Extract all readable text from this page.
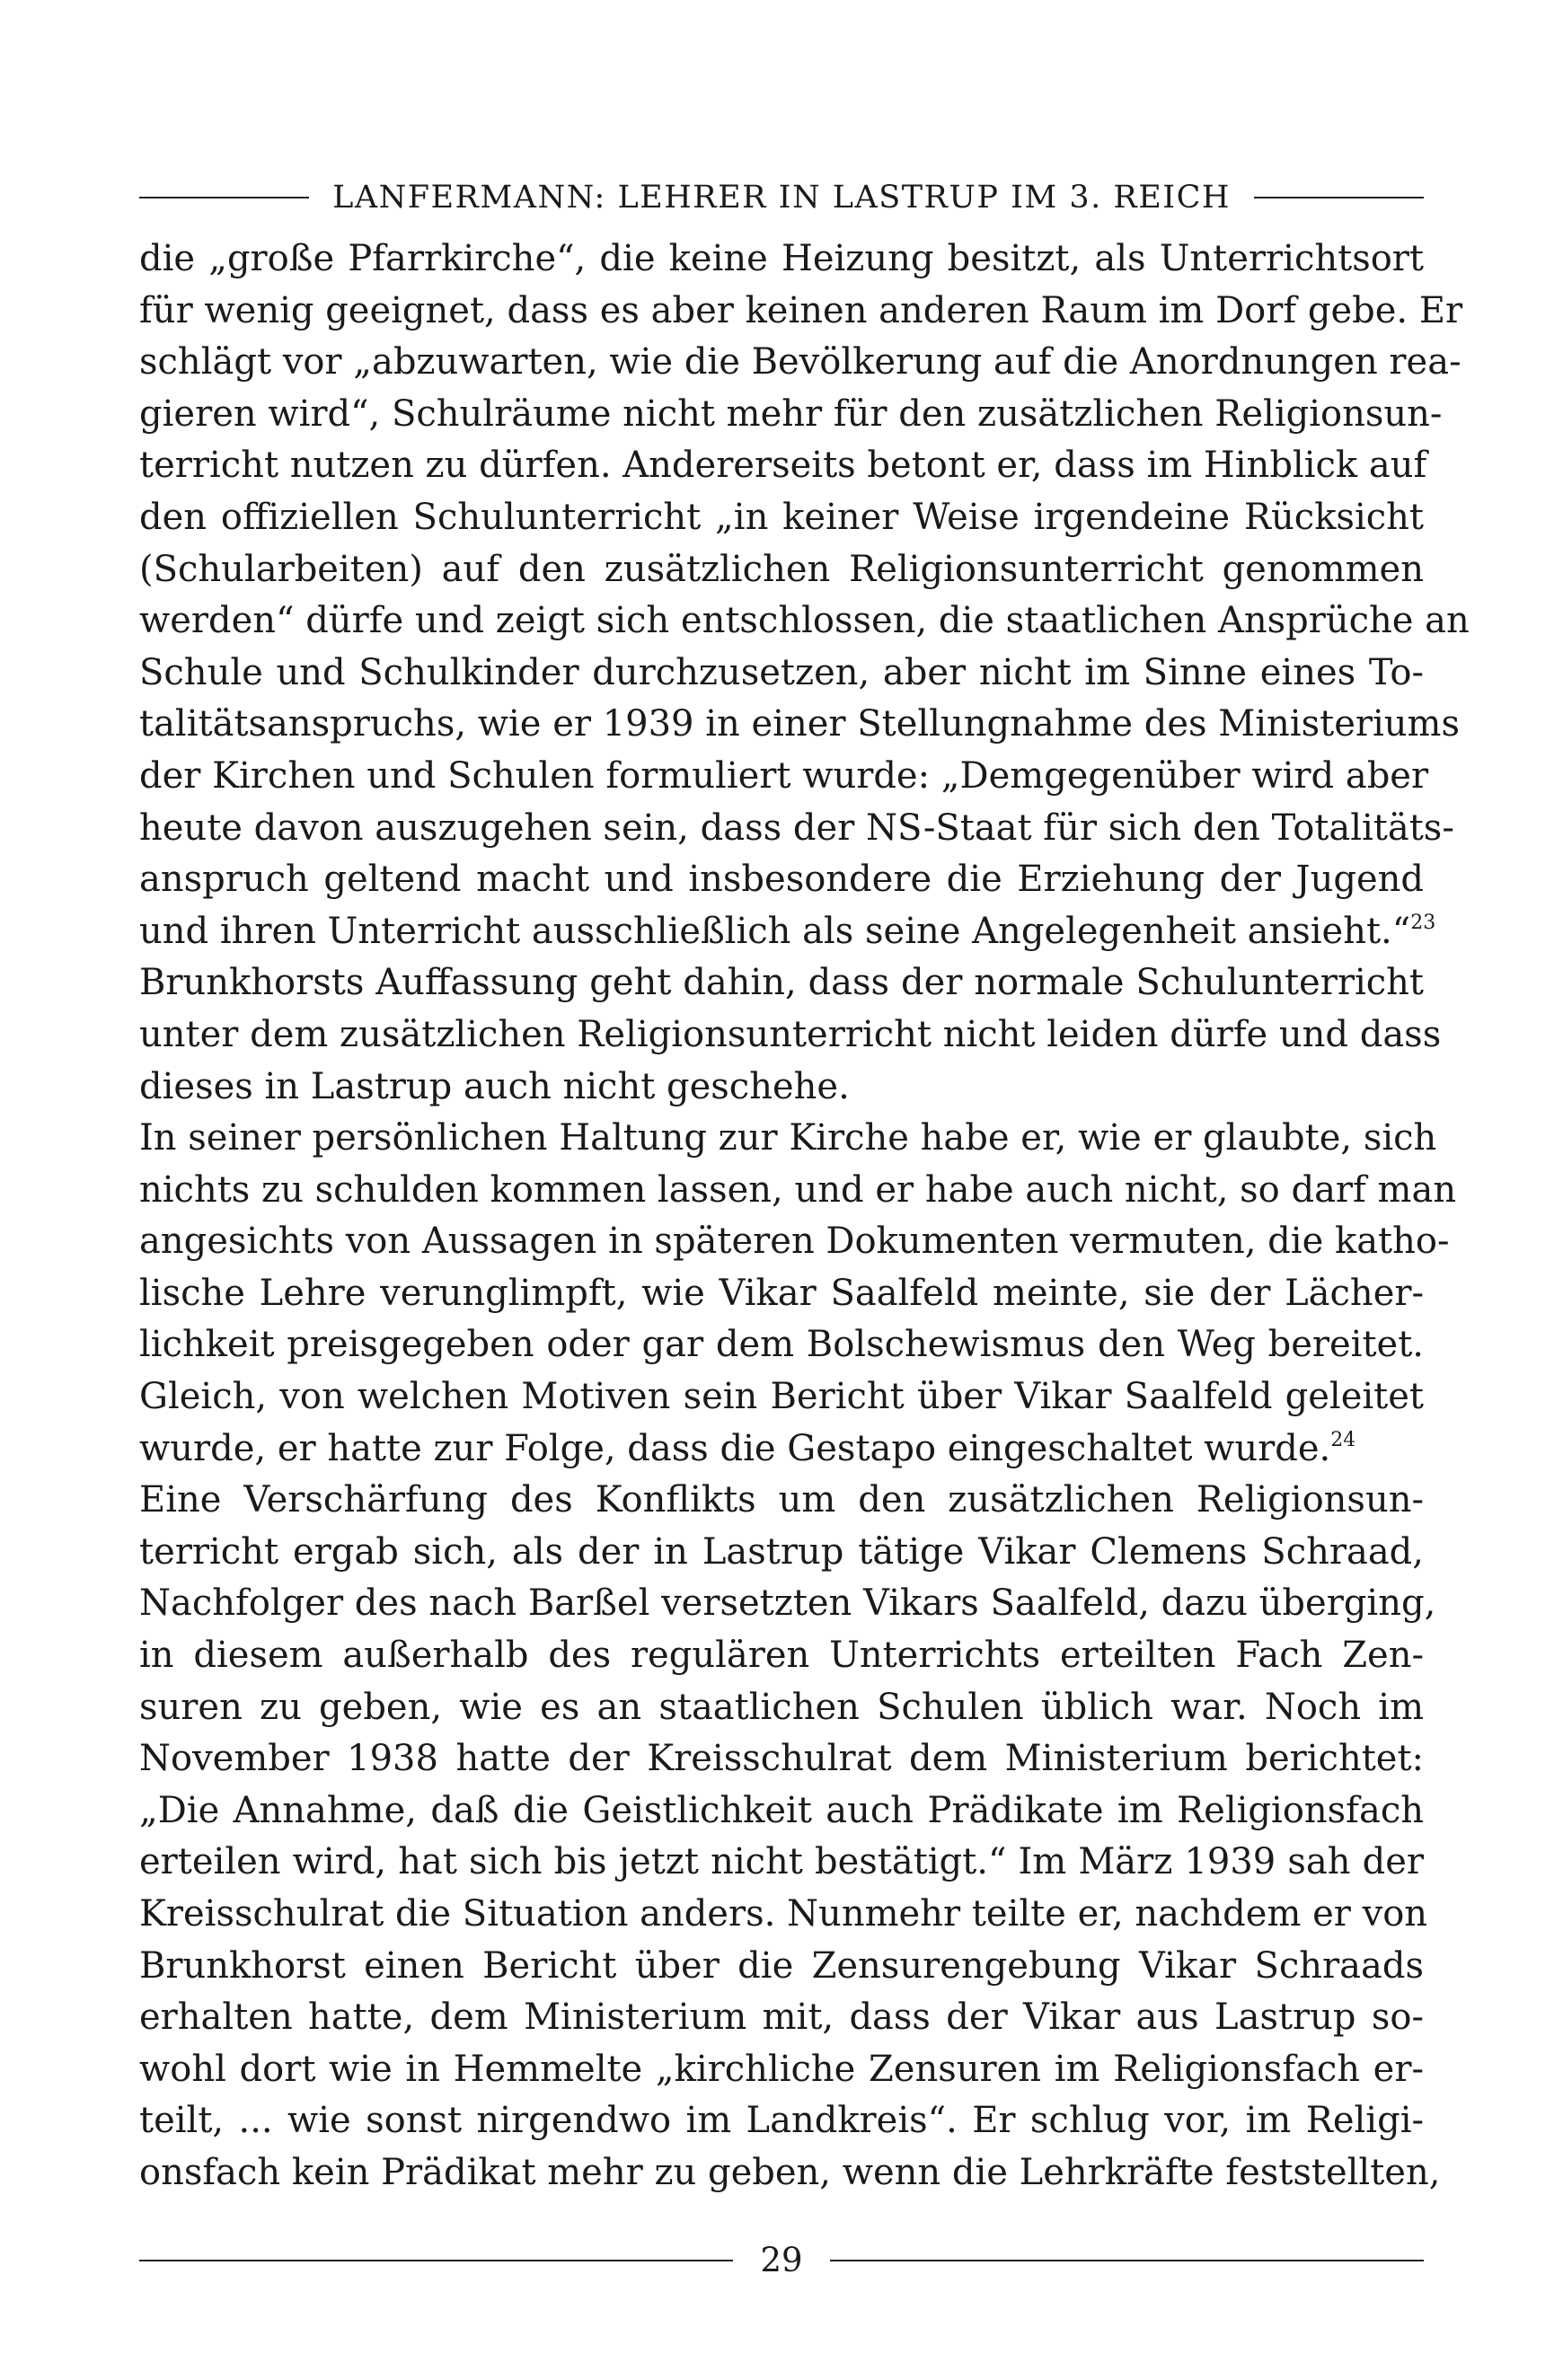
LANFERMANN: LEHRER IN LASTRUP IM 3. REICH
die „große Pfarrkirche“, die keine Heizung besitzt, als Unterrichtsort
für wenig geeignet, dass es aber keinen anderen Raum im Dorf gebe. Er
schlägt vor „abzuwarten, wie die Bevölkerung auf die Anordnungen rea-
gieren wird“, Schulräume nicht mehr für den zusätzlichen Religionsun-
terricht nutzen zu dürfen. Andererseits betont er, dass im Hinblick auf
den offiziellen Schulunterricht „in keiner Weise irgendeine Rücksicht
(Schularbeiten) auf den zusätzlichen Religionsunterricht genommen
werden“ dürfe und zeigt sich entschlossen, die staatlichen Ansprüche an
Schule und Schulkinder durchzusetzen, aber nicht im Sinne eines To-
talitätsanspruchs, wie er 1939 in einer Stellungnahme des Ministeriums
der Kirchen und Schulen formuliert wurde: „Demgegenüber wird aber
heute davon auszugehen sein, dass der NS-Staat für sich den Totalitäts-
anspruch geltend macht und insbesondere die Erziehung der Jugend
und ihren Unterricht ausschließlich als seine Angelegenheit ansieht.“$^{23}$
Brunkhorsts Auffassung geht dahin, dass der normale Schulunterricht
unter dem zusätzlichen Religionsunterricht nicht leiden dürfe und dass
dieses in Lastrup auch nicht geschehe.
In seiner persönlichen Haltung zur Kirche habe er, wie er glaubte, sich
nichts zu schulden kommen lassen, und er habe auch nicht, so darf man
angesichts von Aussagen in späteren Dokumenten vermuten, die katho-
lische Lehre verunglimpft, wie Vikar Saalfeld meinte, sie der Lächer-
lichkeit preisgegeben oder gar dem Bolschewismus den Weg bereitet.
Gleich, von welchen Motiven sein Bericht über Vikar Saalfeld geleitet
wurde, er hatte zur Folge, dass die Gestapo eingeschaltet wurde.$^{24}$
Eine Verschärfung des Konflikts um den zusätzlichen Religionsun-
terricht ergab sich, als der in Lastrup tätige Vikar Clemens Schraad,
Nachfolger des nach Barßel versetzten Vikars Saalfeld, dazu überging,
in diesem außerhalb des regulären Unterrichts erteilten Fach Zen-
suren zu geben, wie es an staatlichen Schulen üblich war. Noch im
November 1938 hatte der Kreisschulrat dem Ministerium berichtet:
„Die Annahme, daß die Geistlichkeit auch Prädikate im Religionsfach
erteilen wird, hat sich bis jetzt nicht bestätigt.“ Im März 1939 sah der
Kreisschulrat die Situation anders. Nunmehr teilte er, nachdem er von
Brunkhorst einen Bericht über die Zensurengebung Vikar Schraads
erhalten hatte, dem Ministerium mit, dass der Vikar aus Lastrup so-
wohl dort wie in Hemmelte „kirchliche Zensuren im Religionsfach er-
teilt, ... wie sonst nirgendwo im Landkreis“. Er schlug vor, im Religi-
onsfach kein Prädikat mehr zu geben, wenn die Lehrkräfte feststellten,
29
